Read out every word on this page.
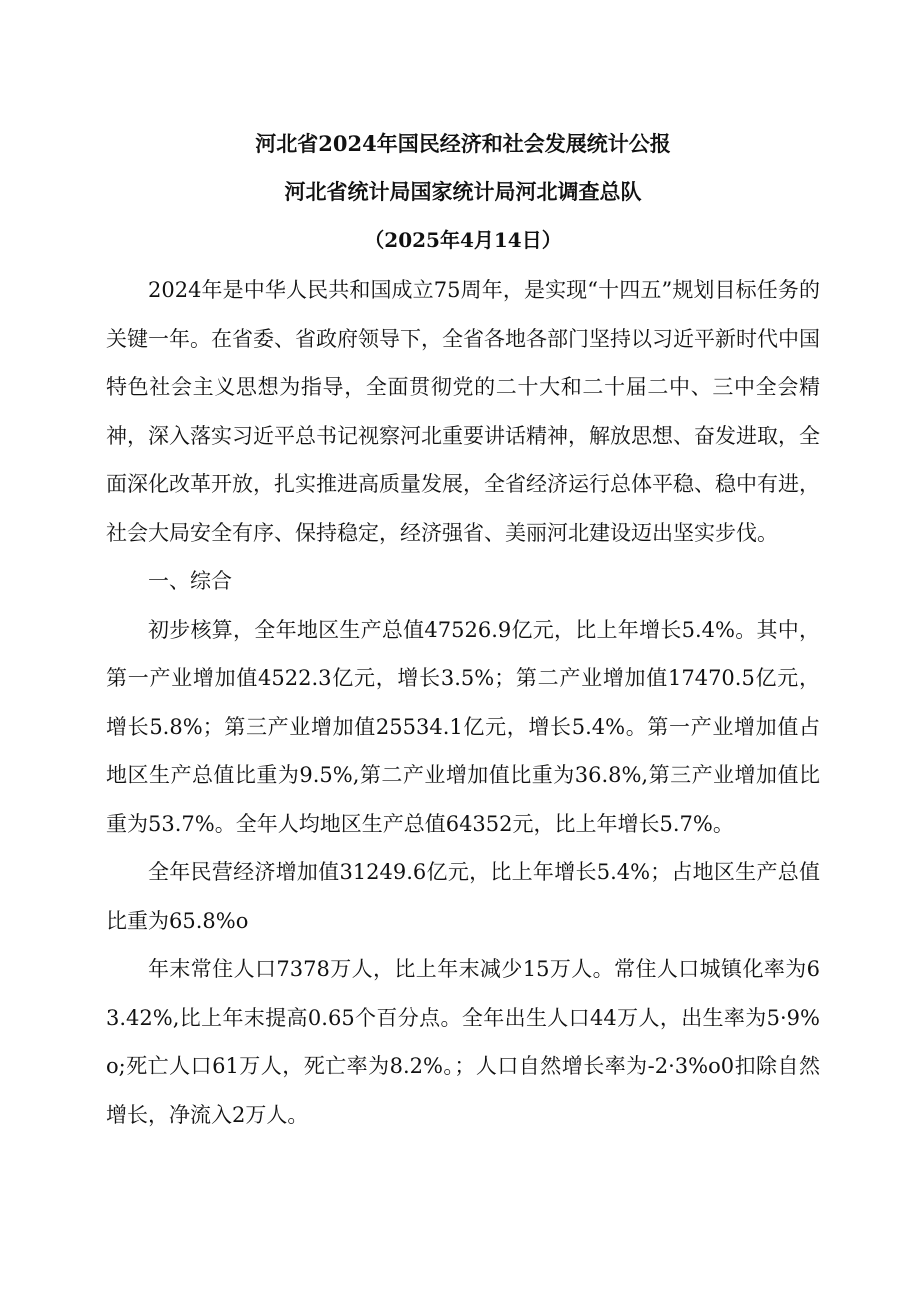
河北省2024年国民经济和社会发展统计公报
河北省统计局国家统计局河北调查总队
（2025年4月14日）

2024年是中华人民共和国成立75周年，是实现“十四五”规划目标任务的关键一年。在省委、省政府领导下，全省各地各部门坚持以习近平新时代中国特色社会主义思想为指导，全面贯彻党的二十大和二十届二中、三中全会精神，深入落实习近平总书记视察河北重要讲话精神，解放思想、奋发进取，全面深化改革开放，扎实推进高质量发展，全省经济运行总体平稳、稳中有进，社会大局安全有序、保持稳定，经济强省、美丽河北建设迈出坚实步伐。

一、综合

初步核算，全年地区生产总值47526.9亿元，比上年增长5.4%。其中，第一产业增加值4522.3亿元，增长3.5%；第二产业增加值17470.5亿元，增长5.8%；第三产业增加值25534.1亿元，增长5.4%。第一产业增加值占地区生产总值比重为9.5%,第二产业增加值比重为36.8%,第三产业增加值比重为53.7%。全年人均地区生产总值64352元，比上年增长5.7%。

全年民营经济增加值31249.6亿元，比上年增长5.4%；占地区生产总值比重为65.8%o

年末常住人口7378万人，比上年末减少15万人。常住人口城镇化率为63.42%,比上年末提高0.65个百分点。全年出生人口44万人，出生率为5·9%o;死亡人口61万人，死亡率为8.2%。；人口自然增长率为-2·3%o0扣除自然增长，净流入2万人。
